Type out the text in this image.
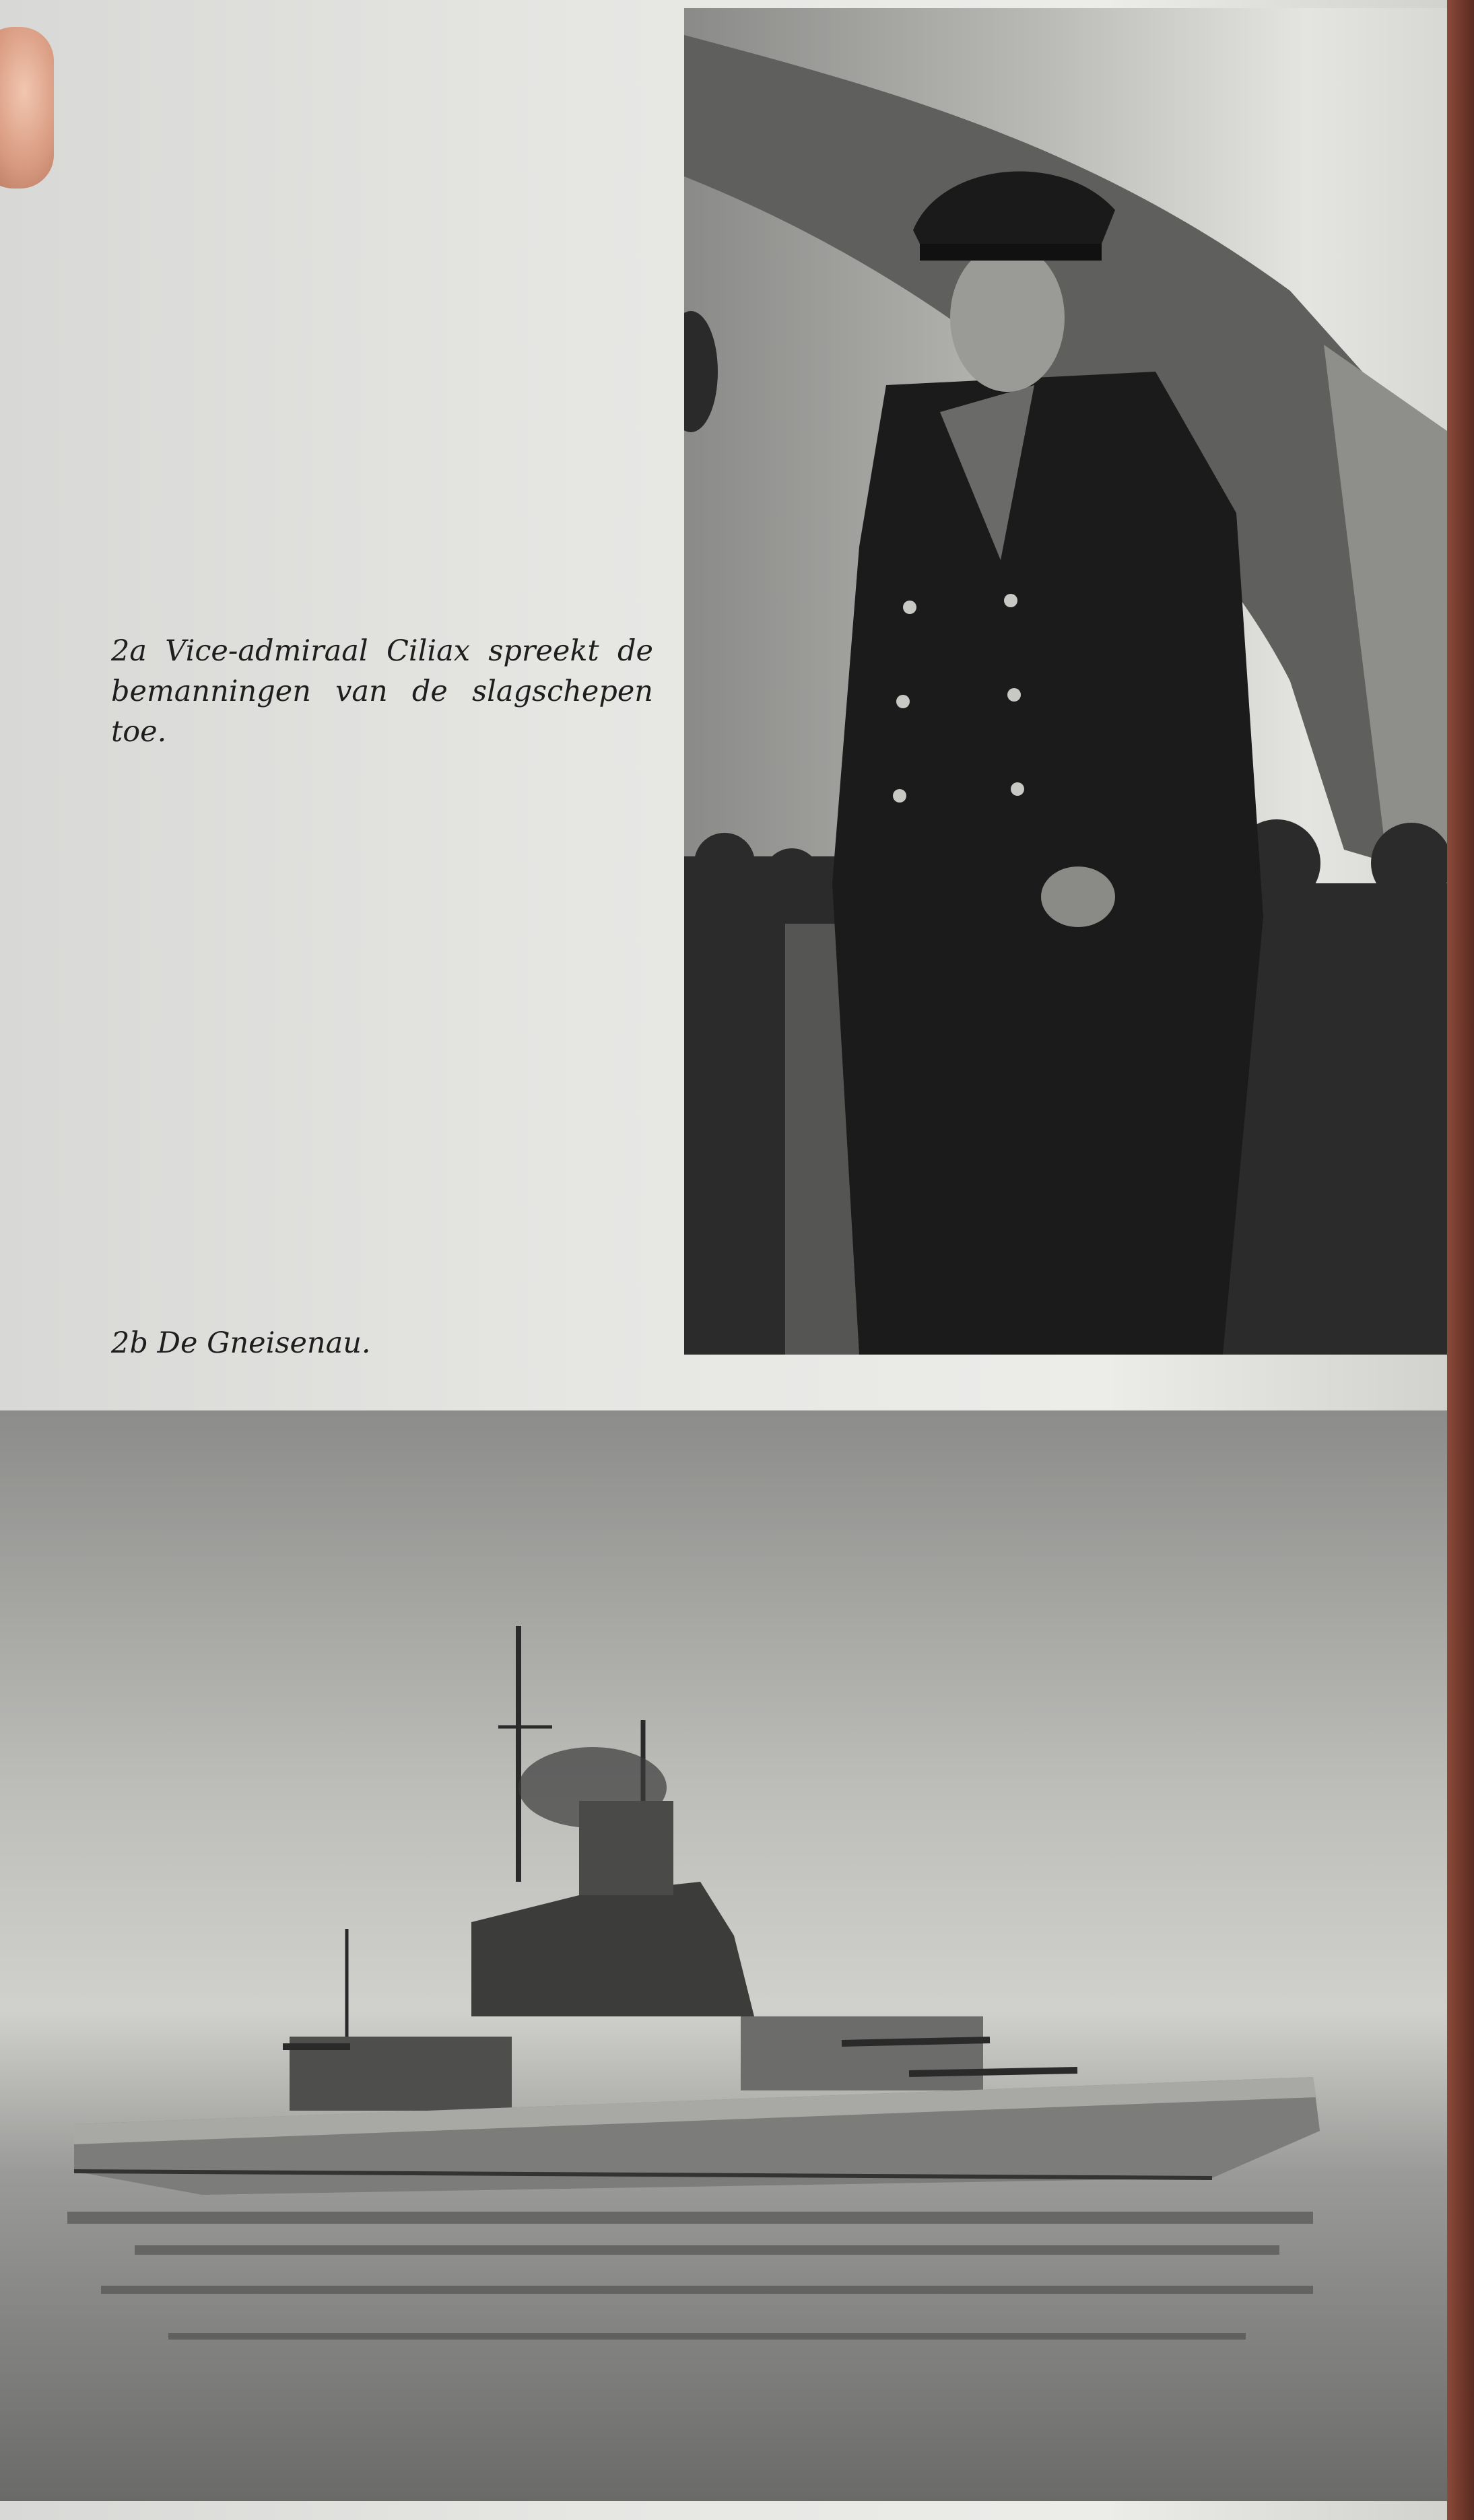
2a Vice-admiraal Ciliax spreekt de bemanningen van de slagschepen toe.
2b De Gneisenau.
